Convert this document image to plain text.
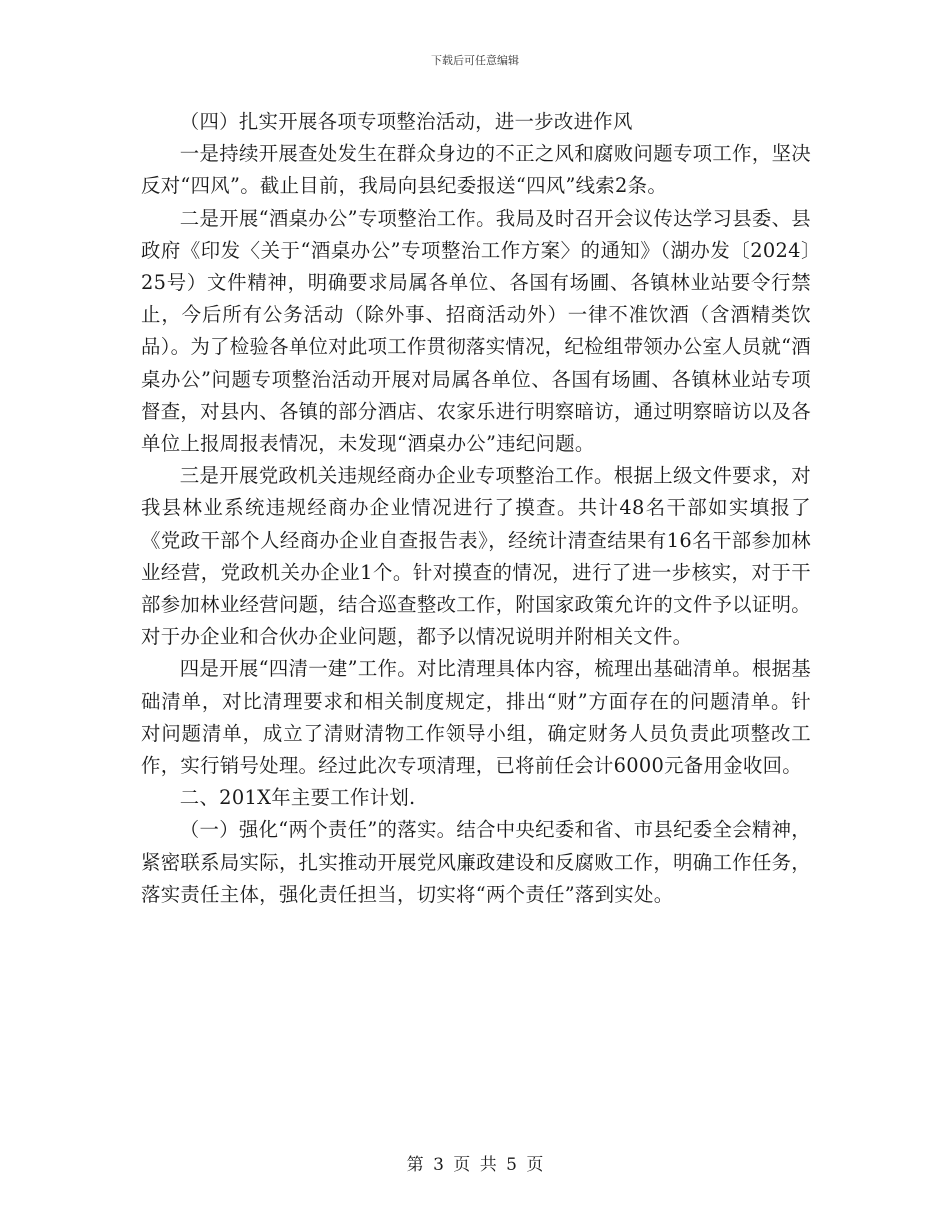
下载后可任意编辑

（四）扎实开展各项专项整治活动，进一步改进作风

一是持续开展查处发生在群众身边的不正之风和腐败问题专项工作，坚决反对“四风”。截止目前，我局向县纪委报送“四风”线索2条。

二是开展“酒桌办公”专项整治工作。我局及时召开会议传达学习县委、县政府《印发〈关于“酒桌办公”专项整治工作方案〉的通知》（湖办发〔2024〕25号）文件精神，明确要求局属各单位、各国有场圃、各镇林业站要令行禁止，今后所有公务活动（除外事、招商活动外）一律不准饮酒（含酒精类饮品）。为了检验各单位对此项工作贯彻落实情况，纪检组带领办公室人员就“酒桌办公”问题专项整治活动开展对局属各单位、各国有场圃、各镇林业站专项督查，对县内、各镇的部分酒店、农家乐进行明察暗访，通过明察暗访以及各单位上报周报表情况，未发现“酒桌办公”违纪问题。

三是开展党政机关违规经商办企业专项整治工作。根据上级文件要求，对我县林业系统违规经商办企业情况进行了摸查。共计48名干部如实填报了《党政干部个人经商办企业自查报告表》，经统计清查结果有16名干部参加林业经营，党政机关办企业1个。针对摸查的情况，进行了进一步核实，对于干部参加林业经营问题，结合巡查整改工作，附国家政策允许的文件予以证明。对于办企业和合伙办企业问题，都予以情况说明并附相关文件。

四是开展“四清一建”工作。对比清理具体内容，梳理出基础清单。根据基础清单，对比清理要求和相关制度规定，排出“财”方面存在的问题清单。针对问题清单，成立了清财清物工作领导小组，确定财务人员负责此项整改工作，实行销号处理。经过此次专项清理，已将前任会计6000元备用金收回。

二、201X年主要工作计划.

（一）强化“两个责任”的落实。结合中央纪委和省、市县纪委全会精神，紧密联系局实际，扎实推动开展党风廉政建设和反腐败工作，明确工作任务，落实责任主体，强化责任担当，切实将“两个责任”落到实处。

第 3 页 共 5 页
